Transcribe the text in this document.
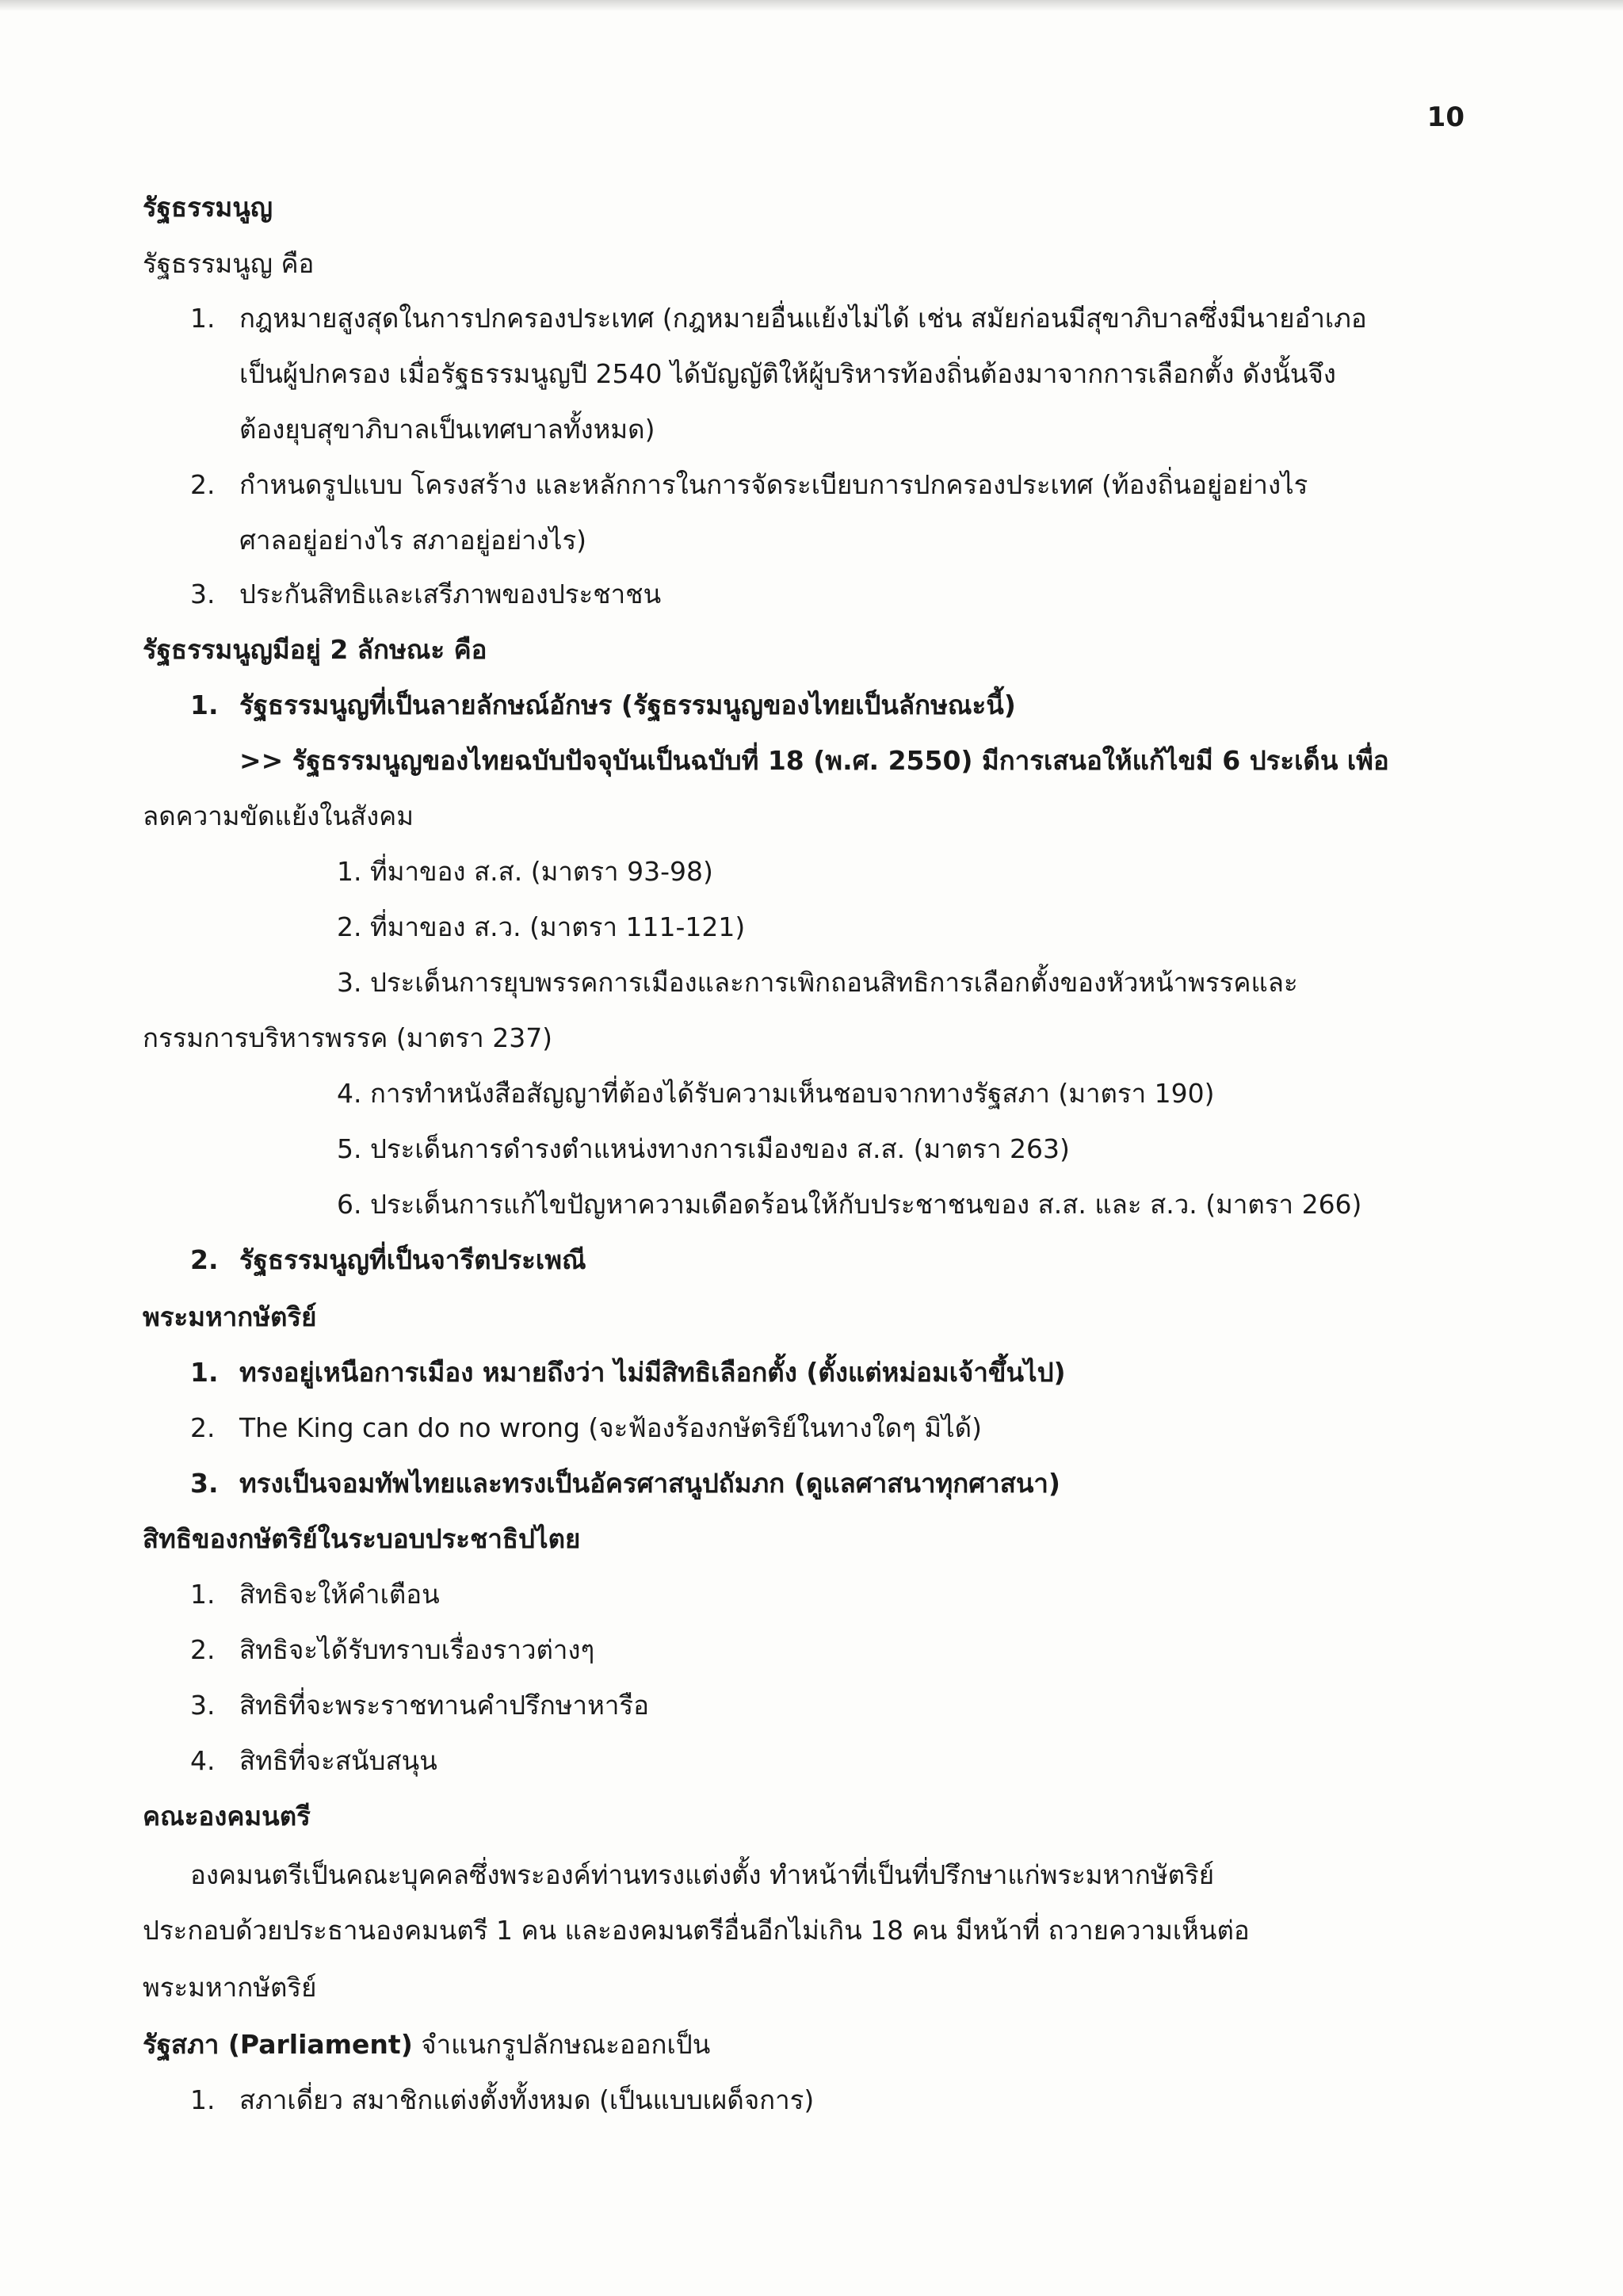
10
รัฐธรรมนูญ
รัฐธรรมนูญ คือ
1. กฎหมายสูงสุดในการปกครองประเทศ (กฎหมายอื่นแย้งไม่ได้ เช่น สมัยก่อนมีสุขาภิบาลซึ่งมีนายอำเภอ
เป็นผู้ปกครอง เมื่อรัฐธรรมนูญปี 2540 ได้บัญญัติให้ผู้บริหารท้องถิ่นต้องมาจากการเลือกตั้ง ดังนั้นจึง
ต้องยุบสุขาภิบาลเป็นเทศบาลทั้งหมด)
2. กำหนดรูปแบบ โครงสร้าง และหลักการในการจัดระเบียบการปกครองประเทศ (ท้องถิ่นอยู่อย่างไร
ศาลอยู่อย่างไร สภาอยู่อย่างไร)
3. ประกันสิทธิและเสรีภาพของประชาชน
รัฐธรรมนูญมีอยู่ 2 ลักษณะ คือ
1. รัฐธรรมนูญที่เป็นลายลักษณ์อักษร (รัฐธรรมนูญของไทยเป็นลักษณะนี้)
>> รัฐธรรมนูญของไทยฉบับปัจจุบันเป็นฉบับที่ 18 (พ.ศ. 2550) มีการเสนอให้แก้ไขมี 6 ประเด็น เพื่อ
ลดความขัดแย้งในสังคม
1. ที่มาของ ส.ส. (มาตรา 93-98)
2. ที่มาของ ส.ว. (มาตรา 111-121)
3. ประเด็นการยุบพรรคการเมืองและการเพิกถอนสิทธิการเลือกตั้งของหัวหน้าพรรคและ
กรรมการบริหารพรรค (มาตรา 237)
4. การทำหนังสือสัญญาที่ต้องได้รับความเห็นชอบจากทางรัฐสภา (มาตรา 190)
5. ประเด็นการดำรงตำแหน่งทางการเมืองของ ส.ส. (มาตรา 263)
6. ประเด็นการแก้ไขปัญหาความเดือดร้อนให้กับประชาชนของ ส.ส. และ ส.ว. (มาตรา 266)
2. รัฐธรรมนูญที่เป็นจารีตประเพณี
พระมหากษัตริย์
1. ทรงอยู่เหนือการเมือง หมายถึงว่า ไม่มีสิทธิเลือกตั้ง (ตั้งแต่หม่อมเจ้าขึ้นไป)
2. The King can do no wrong (จะฟ้องร้องกษัตริย์ในทางใดๆ มิได้)
3. ทรงเป็นจอมทัพไทยและทรงเป็นอัครศาสนูปถัมภก (ดูแลศาสนาทุกศาสนา)
สิทธิของกษัตริย์ในระบอบประชาธิปไตย
1. สิทธิจะให้คำเตือน
2. สิทธิจะได้รับทราบเรื่องราวต่างๆ
3. สิทธิที่จะพระราชทานคำปรึกษาหารือ
4. สิทธิที่จะสนับสนุน
คณะองคมนตรี
องคมนตรีเป็นคณะบุคคลซึ่งพระองค์ท่านทรงแต่งตั้ง ทำหน้าที่เป็นที่ปรึกษาแก่พระมหากษัตริย์
ประกอบด้วยประธานองคมนตรี 1 คน และองคมนตรีอื่นอีกไม่เกิน 18 คน มีหน้าที่ ถวายความเห็นต่อ
พระมหากษัตริย์
รัฐสภา (Parliament) จำแนกรูปลักษณะออกเป็น
1. สภาเดี่ยว สมาชิกแต่งตั้งทั้งหมด (เป็นแบบเผด็จการ)
